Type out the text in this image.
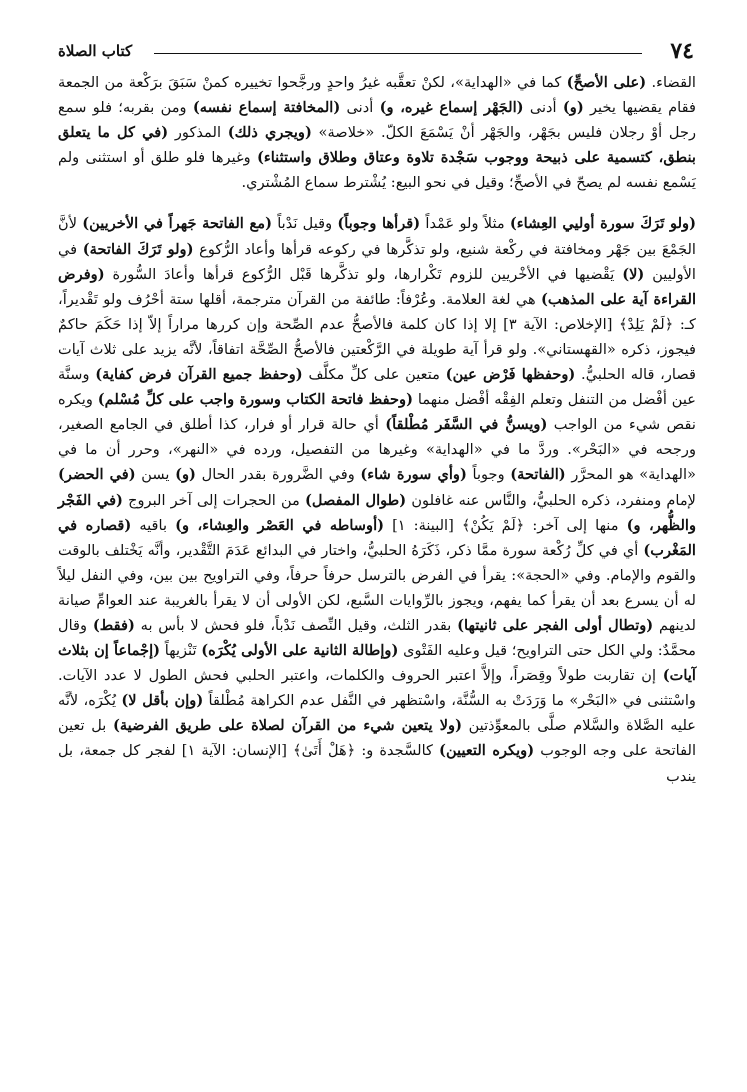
٧٤
كتاب الصلاة

القضاء. (على الأصحِّ) كما في «الهداية»، لكنْ تعقَّبه غيرُ واحدٍ ورجَّحوا تخييره كمنْ سَبَقَ برَكْعة من الجمعة فقام يقضيها يخير (و) أدنى (الجَهْر إسماع غيره، و) أدنى (المخافتة إسماع نفسه) ومن بقربه؛ فلو سمع رجل أوْ رجلان فليس بجَهْر، والجَهْر أنْ يَسْمَعَ الكلّ. «خلاصة» (ويجري ذلك) المذكور (في كل ما يتعلق بنطق، كتسمية على ذبيحة ووجوب سَجْدة تلاوة وعتاق وطلاق واستثناء) وغيرها فلو طلق أو استثنى ولم يَسْمع نفسه لم يصحّ في الأصحِّ؛ وقيل في نحو البيع: يُشْترط سماع المُشْتري.

(ولو تَرَكَ سورة أوليي العِشاء) مثلاً ولو عَمْداً (قرأها وجوباً) وقيل نَدْباً (مع الفاتحة جَهراً في الأخريين) لأنَّ الجَمْعَ بين جَهْر ومخافتة في ركْعة شنيع، ولو تذكَّرها في ركوعه قرأها وأعاد الرُّكوع (ولو تَرَكَ الفاتحة) في الأوليين (لا) يَقْضيها في الأخْريين للزوم تَكْرارها، ولو تذكَّرها قَبْل الرُّكوع قرأها وأعادَ السُّورة (وفرض القراءة آية على المذهب) هي لغة العلامة. وعُرْفاً: طائفة من القرآن مترجمة، أقلها ستة أحْرُف ولو تَقْديراً، كـ: ﴿لَمْ يَلِدْ﴾ [الإخلاص: الآية ٣] إلا إذا كان كلمة فالأصحُّ عدم الصِّحة وإن كررها مراراً إلاّ إذا حَكَمَ حاكمٌ فيجوز، ذكره «القهستاني». ولو قرأ آية طويلة في الرَّكْعتين فالأصحُّ الصِّحَّة اتفاقاً، لأنَّه يزيد على ثلاث آيات قصار، قاله الحلبيُّ. (وحفظها فَرْض عين) متعين على كلِّ مكلَّف (وحفظ جميع القرآن فرض كفاية) وسنَّة عين أفْضل من التنفل وتعلم الفِقْه أفْضل منهما (وحفظ فاتحة الكتاب وسورة واجب على كلِّ مُسْلم) ويكره نقص شيء من الواجب (ويسنُّ في السَّفَر مُطْلقاً) أي حالة قرار أو فرار، كذا أطلق في الجامع الصغير، ورجحه في «البَحْر». وردَّ ما في «الهداية» وغيرها من التفصيل، ورده في «النهر»، وحرر أن ما في «الهداية» هو المحرَّر (الفاتحة) وجوباً (وأي سورة شاء) وفي الضَّرورة بقدر الحال (و) يسن (في الحضر) لإمام ومنفرد، ذكره الحلبيُّ، والنَّاس عنه غافلون (طوال المفصل) من الحجرات إلى آخر البروج (في الفَجْر والظُّهر، و) منها إلى آخر: ﴿لَمْ يَكُنْ﴾ [البينة: ١] (أوساطه في العَصْر والعِشاء، و) باقيه (قصاره في المَغْرب) أي في كلِّ رُكْعة سورة ممَّا ذكر، ذَكَرَهُ الحلبيُّ، واختار في البدائع عَدَمَ التَّقْدير، وأنَّه يَخْتلف بالوقت والقوم والإمام. وفي «الحجة»: يقرأ في الفرض بالترسل حرفاً حرفاً، وفي التراويح بين بين، وفي النفل ليلاً له أن يسرع بعد أن يقرأ كما يفهم، ويجوز بالرِّوايات السَّبع، لكن الأولى أن لا يقرأ بالغريبة عند العوامِّ صيانة لدينهم (وتطال أولى الفجر على ثانيتها) بقدر الثلث، وقيل النِّصف نَدْباً، فلو فحش لا بأس به (فقط) وقال محمَّدٌ: ولي الكل حتى التراويح؛ قيل وعليه الفَتْوى (وإطالة الثانية على الأولى يُكْرَه) تَنْزيهاً (إجْماعاً إن بثلاث آيات) إن تقاربت طولاً وقِصَراً، وإلاَّ اعتبر الحروف والكلمات، واعتبر الحلبي فحش الطول لا عدد الآيات. واسْتثنى في «البَحْر» ما وَرَدَتْ به السُّنَّة، واسْتظهر في النَّفل عدم الكراهة مُطْلقاً (وإن بأقل لا) يُكْرَه، لأنَّه عليه الصَّلاة والسَّلام صلَّى بالمعوِّذتين (ولا يتعين شيء من القرآن لصلاة على طريق الفرضية) بل تعين الفاتحة على وجه الوجوب (ويكره التعيين) كالسَّجدة و: ﴿هَلْ أَتَىٰ﴾ [الإنسان: الآية ١] لفجر كل جمعة، بل يندب
